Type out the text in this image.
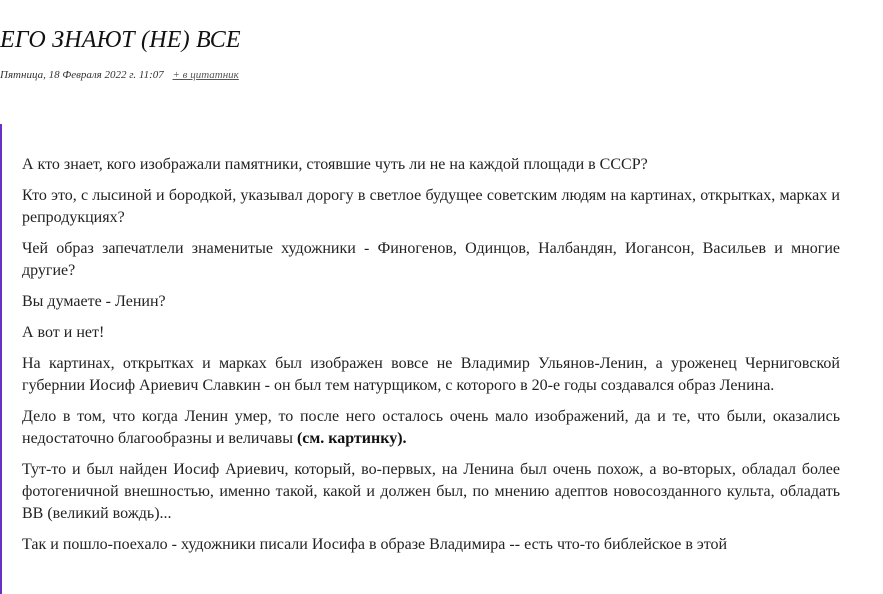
ЕГО ЗНАЮТ (НЕ) ВСЕ
Пятница, 18 Февраля 2022 г. 11:07 + в цитатник

А кто знает, кого изображали памятники, стоявшие чуть ли не на каждой площади в СССР?

Кто это, с лысиной и бородкой, указывал дорогу в светлое будущее советским людям на картинах, открытках, марках и репродукциях?

Чей образ запечатлели знаменитые художники - Финогенов, Одинцов, Налбандян, Иогансон, Васильев и многие другие?

Вы думаете - Ленин?

А вот и нет!

На картинах, открытках и марках был изображен вовсе не Владимир Ульянов-Ленин, а уроженец Черниговской губернии Иосиф Ариевич Славкин - он был тем натурщиком, с которого в 20-е годы создавался образ Ленина.

Дело в том, что когда Ленин умер, то после него осталось очень мало изображений, да и те, что были, оказались недостаточно благообразны и величавы (см. картинку).

Тут-то и был найден Иосиф Ариевич, который, во-первых, на Ленина был очень похож, а во-вторых, обладал более фотогеничной внешностью, именно такой, какой и должен был, по мнению адептов новосозданного культа, обладать ВВ (великий вождь)...

Так и пошло-поехало - художники писали Иосифа в образе Владимира -- есть что-то библейское в этой
